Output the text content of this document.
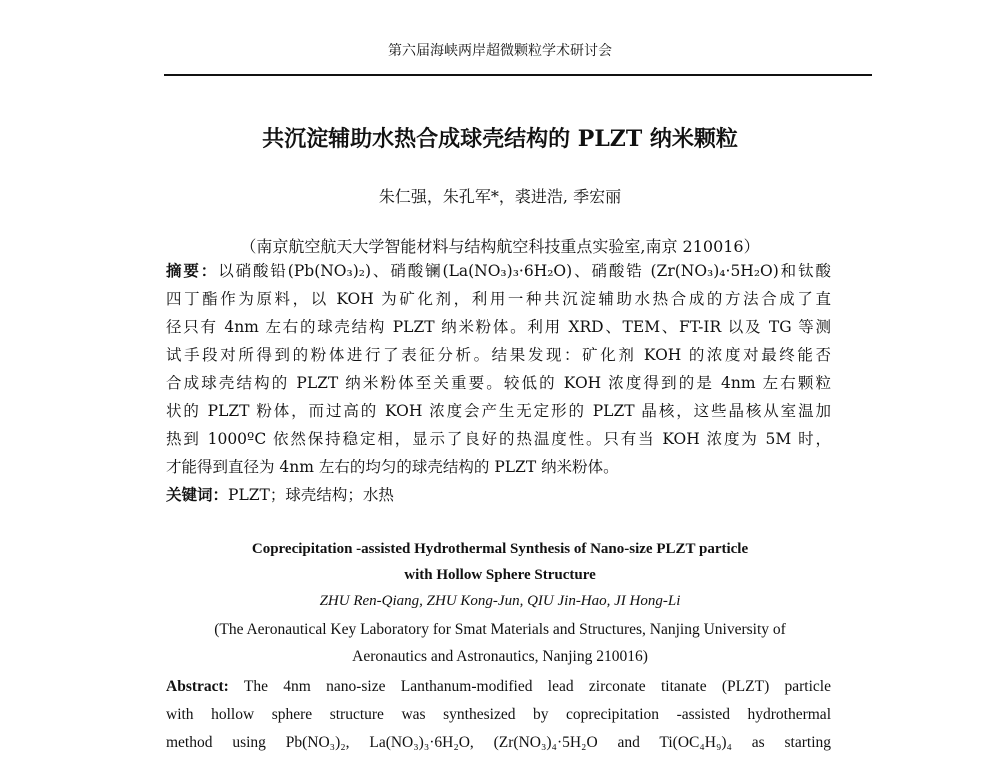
第六届海峡两岸超微颗粒学术研讨会
共沉淀辅助水热合成球壳结构的 PLZT 纳米颗粒
朱仁强，朱孔军*，裘进浩, 季宏丽
（南京航空航天大学智能材料与结构航空科技重点实验室,南京 210016）
摘要：以硝酸铅(Pb(NO₃)₂)、硝酸镧(La(NO₃)₃·6H₂O)、硝酸锆 (Zr(NO₃)₄·5H₂O)和钛酸
四丁酯作为原料，以 KOH 为矿化剂，利用一种共沉淀辅助水热合成的方法合成了直
径只有 4nm 左右的球壳结构 PLZT 纳米粉体。利用 XRD、TEM、FT-IR 以及 TG 等测
试手段对所得到的粉体进行了表征分析。结果发现：矿化剂 KOH 的浓度对最终能否
合成球壳结构的 PLZT 纳米粉体至关重要。较低的 KOH 浓度得到的是 4nm 左右颗粒
状的 PLZT 粉体，而过高的 KOH 浓度会产生无定形的 PLZT 晶核，这些晶核从室温加
热到 1000ºC 依然保持稳定相，显示了良好的热温度性。只有当 KOH 浓度为 5M 时，
才能得到直径为 4nm 左右的均匀的球壳结构的 PLZT 纳米粉体。
关键词：PLZT；球壳结构；水热
Coprecipitation -assisted Hydrothermal Synthesis of Nano-size PLZT particle
with Hollow Sphere Structure
ZHU Ren-Qiang, ZHU Kong-Jun, QIU Jin-Hao, JI Hong-Li
(The Aeronautical Key Laboratory for Smat Materials and Structures, Nanjing University of
Aeronautics and Astronautics, Nanjing 210016)
Abstract: The 4nm nano-size Lanthanum-modified lead zirconate titanate (PLZT) particle
with hollow sphere structure was synthesized by coprecipitation -assisted hydrothermal
method using Pb(NO₃)₂, La(NO₃)₃·6H₂O, (Zr(NO₃)₄·5H₂O and Ti(OC₄H₉)₄ as starting
